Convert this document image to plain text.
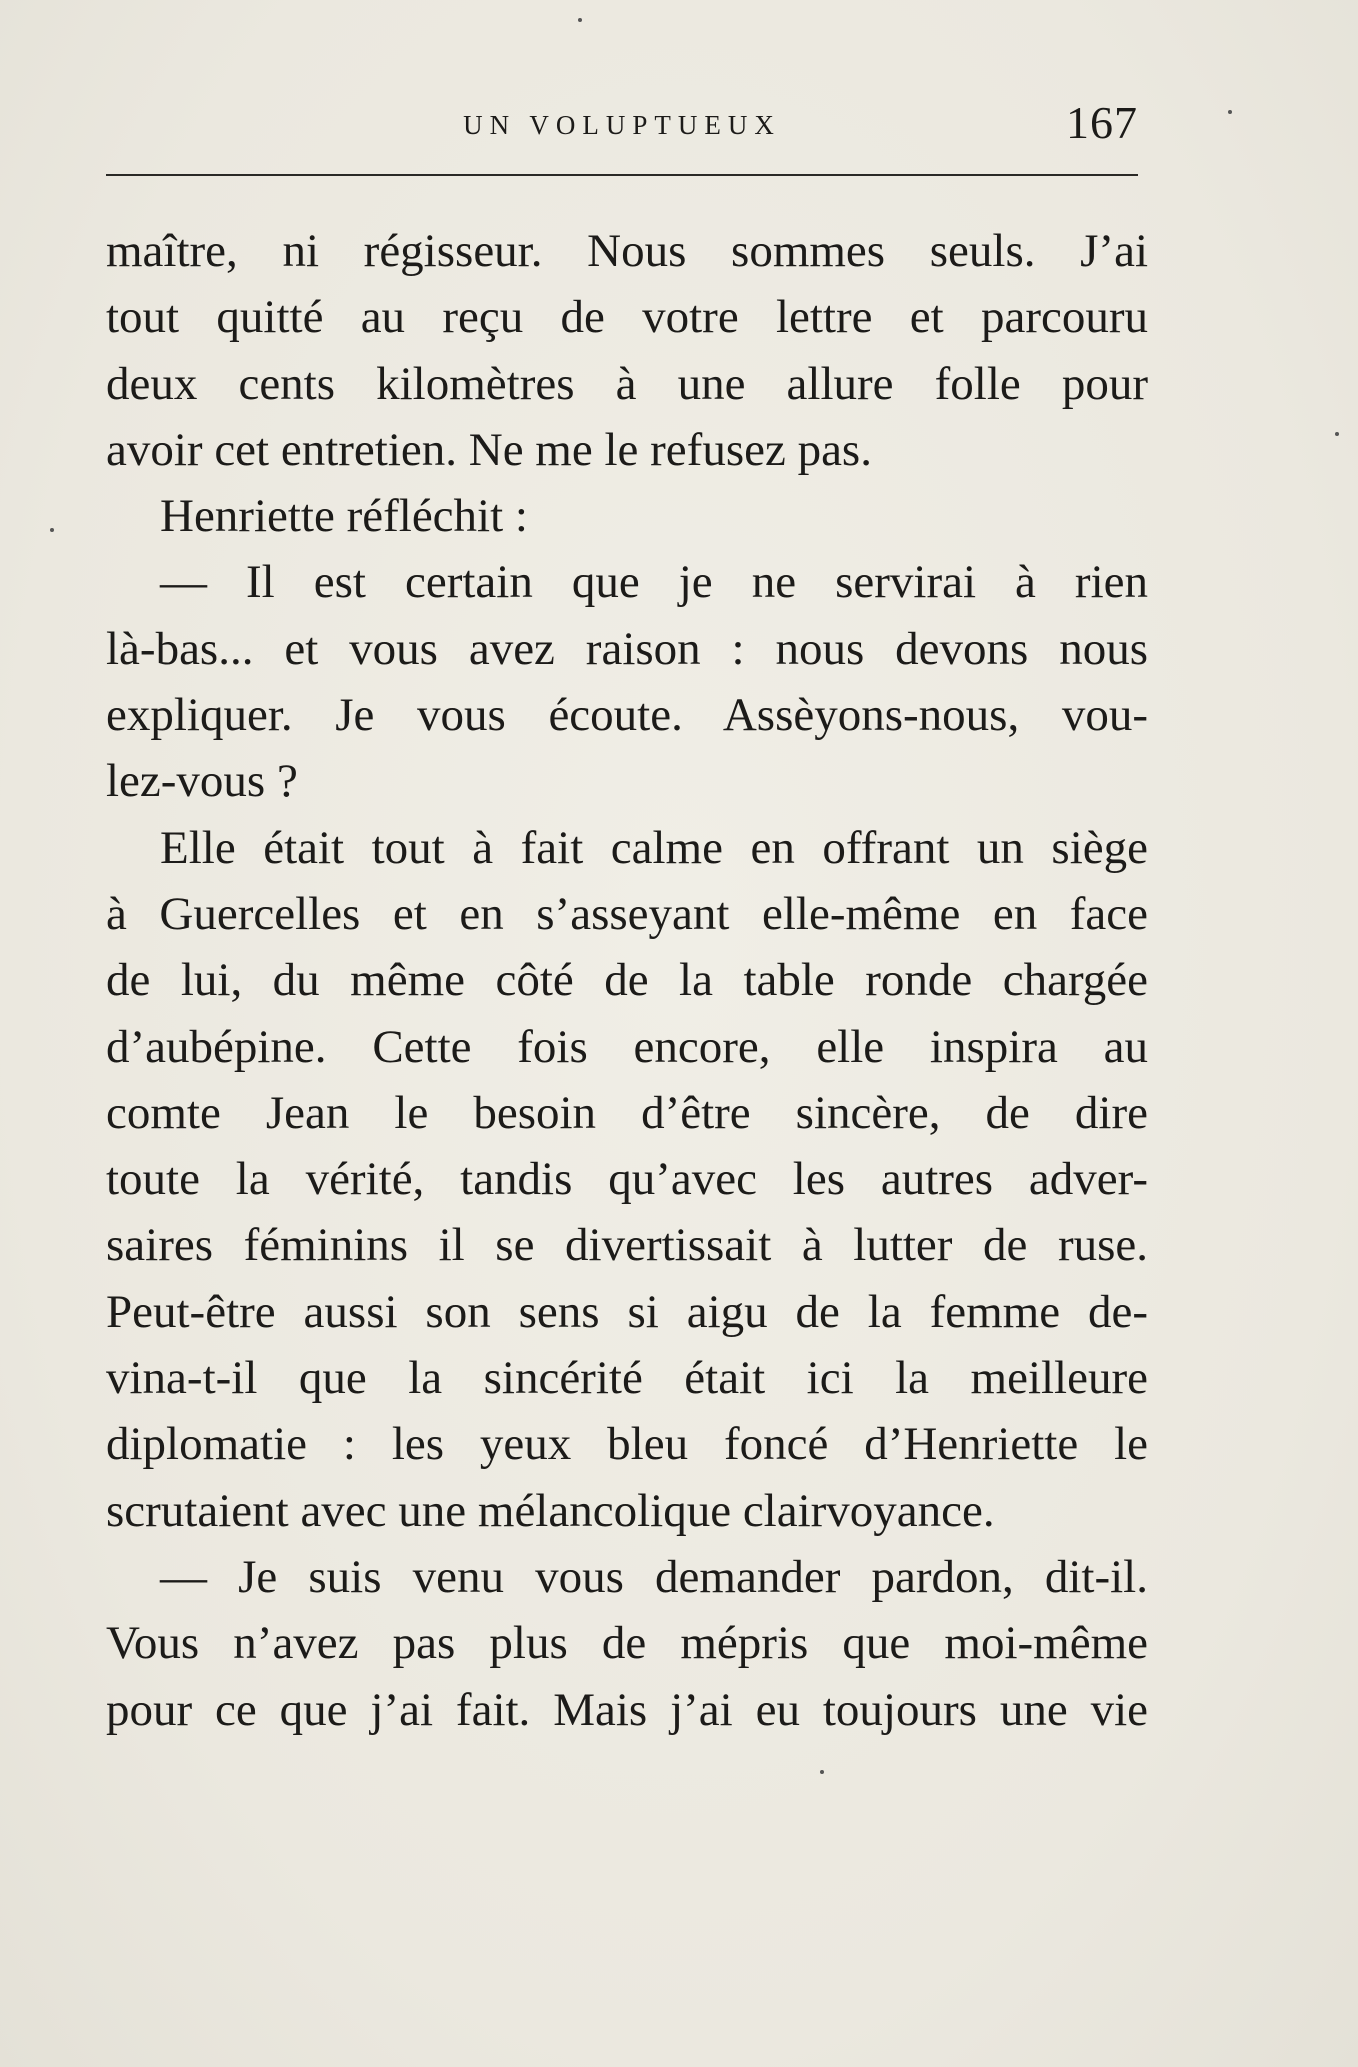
UN VOLUPTUEUX	167
maître, ni régisseur. Nous sommes seuls. J’ai
tout quitté au reçu de votre lettre et parcouru
deux cents kilomètres à une allure folle pour
avoir cet entretien. Ne me le refusez pas.
Henriette réfléchit :
— Il est certain que je ne servirai à rien
là-bas... et vous avez raison : nous devons nous
expliquer. Je vous écoute. Assèyons-nous, vou-
lez-vous ?
Elle était tout à fait calme en offrant un siège
à Guercelles et en s’asseyant elle-même en face
de lui, du même côté de la table ronde chargée
d’aubépine. Cette fois encore, elle inspira au
comte Jean le besoin d’être sincère, de dire
toute la vérité, tandis qu’avec les autres adver-
saires féminins il se divertissait à lutter de ruse.
Peut-être aussi son sens si aigu de la femme de-
vina-t-il que la sincérité était ici la meilleure
diplomatie : les yeux bleu foncé d’Henriette le
scrutaient avec une mélancolique clairvoyance.
— Je suis venu vous demander pardon, dit-il.
Vous n’avez pas plus de mépris que moi-même
pour ce que j’ai fait. Mais j’ai eu toujours une vie
